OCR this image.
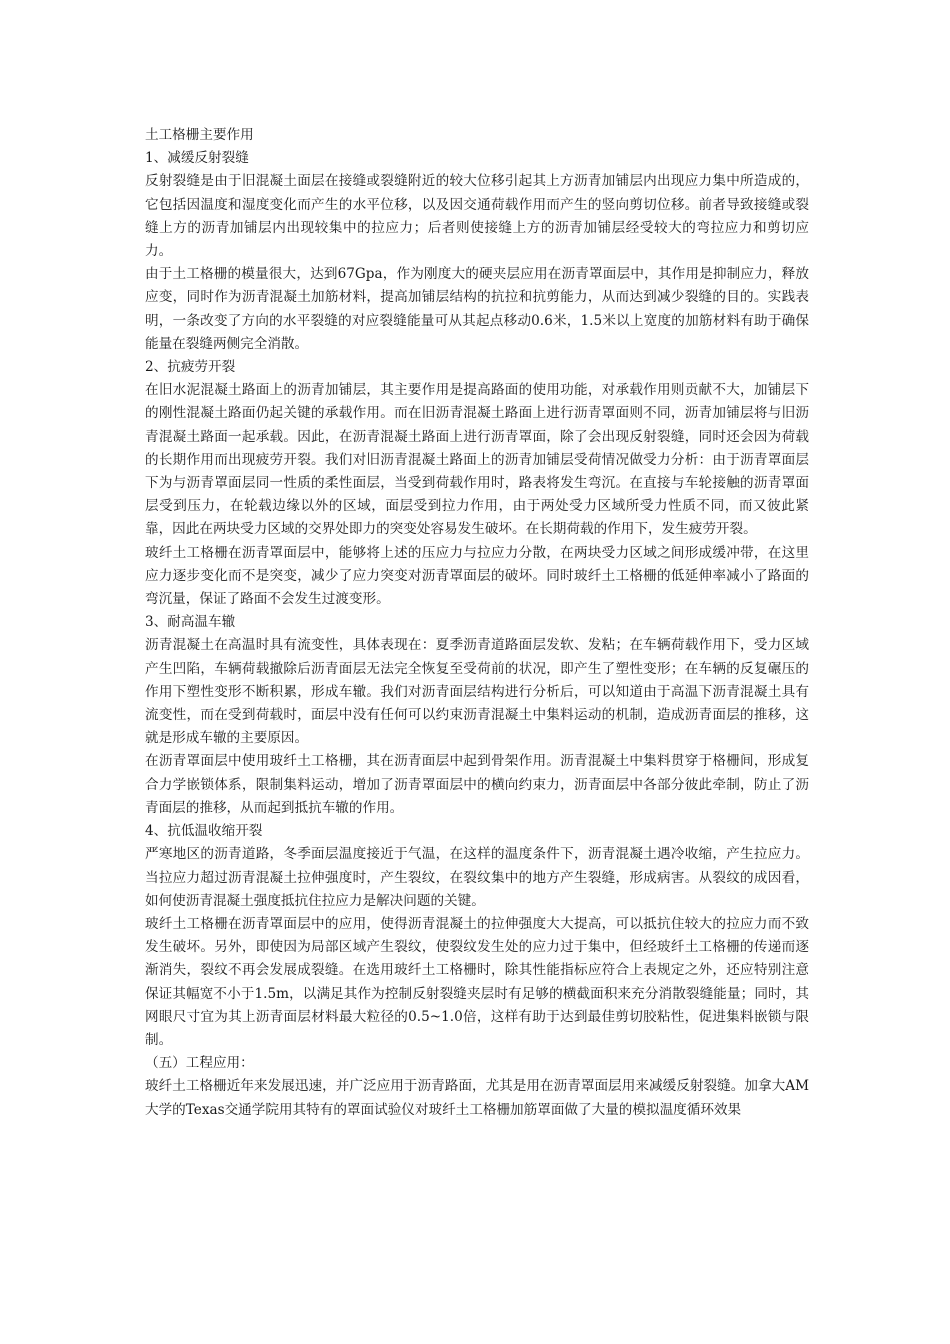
土工格栅主要作用

1、减缓反射裂缝

反射裂缝是由于旧混凝土面层在接缝或裂缝附近的较大位移引起其上方沥青加铺层内出现应力集中所造成的，它包括因温度和湿度变化而产生的水平位移，以及因交通荷载作用而产生的竖向剪切位移。前者导致接缝或裂缝上方的沥青加铺层内出现较集中的拉应力；后者则使接缝上方的沥青加铺层经受较大的弯拉应力和剪切应力。

由于土工格栅的模量很大，达到67Gpa，作为刚度大的硬夹层应用在沥青罩面层中，其作用是抑制应力，释放应变，同时作为沥青混凝土加筋材料，提高加铺层结构的抗拉和抗剪能力，从而达到减少裂缝的目的。实践表明，一条改变了方向的水平裂缝的对应裂缝能量可从其起点移动0.6米，1.5米以上宽度的加筋材料有助于确保能量在裂缝两侧完全消散。

2、抗疲劳开裂

在旧水泥混凝土路面上的沥青加铺层，其主要作用是提高路面的使用功能，对承载作用则贡献不大，加铺层下的刚性混凝土路面仍起关键的承载作用。而在旧沥青混凝土路面上进行沥青罩面则不同，沥青加铺层将与旧沥青混凝土路面一起承载。因此，在沥青混凝土路面上进行沥青罩面，除了会出现反射裂缝，同时还会因为荷载的长期作用而出现疲劳开裂。我们对旧沥青混凝土路面上的沥青加铺层受荷情况做受力分析：由于沥青罩面层下为与沥青罩面层同一性质的柔性面层，当受到荷载作用时，路表将发生弯沉。在直接与车轮接触的沥青罩面层受到压力，在轮载边缘以外的区域，面层受到拉力作用，由于两处受力区域所受力性质不同，而又彼此紧靠，因此在两块受力区域的交界处即力的突变处容易发生破坏。在长期荷载的作用下，发生疲劳开裂。

玻纤土工格栅在沥青罩面层中，能够将上述的压应力与拉应力分散，在两块受力区域之间形成缓冲带，在这里应力逐步变化而不是突变，减少了应力突变对沥青罩面层的破坏。同时玻纤土工格栅的低延伸率减小了路面的弯沉量，保证了路面不会发生过渡变形。

3、耐高温车辙

沥青混凝土在高温时具有流变性，具体表现在：夏季沥青道路面层发软、发粘；在车辆荷载作用下，受力区域产生凹陷，车辆荷载撤除后沥青面层无法完全恢复至受荷前的状况，即产生了塑性变形；在车辆的反复碾压的作用下塑性变形不断积累，形成车辙。我们对沥青面层结构进行分析后，可以知道由于高温下沥青混凝土具有流变性，而在受到荷载时，面层中没有任何可以约束沥青混凝土中集料运动的机制，造成沥青面层的推移，这就是形成车辙的主要原因。

在沥青罩面层中使用玻纤土工格栅，其在沥青面层中起到骨架作用。沥青混凝土中集料贯穿于格栅间，形成复合力学嵌锁体系，限制集料运动，增加了沥青罩面层中的横向约束力，沥青面层中各部分彼此牵制，防止了沥青面层的推移，从而起到抵抗车辙的作用。

4、抗低温收缩开裂

严寒地区的沥青道路，冬季面层温度接近于气温，在这样的温度条件下，沥青混凝土遇冷收缩，产生拉应力。当拉应力超过沥青混凝土拉伸强度时，产生裂纹，在裂纹集中的地方产生裂缝，形成病害。从裂纹的成因看，如何使沥青混凝土强度抵抗住拉应力是解决问题的关键。

玻纤土工格栅在沥青罩面层中的应用，使得沥青混凝土的拉伸强度大大提高，可以抵抗住较大的拉应力而不致发生破坏。另外，即使因为局部区域产生裂纹，使裂纹发生处的应力过于集中，但经玻纤土工格栅的传递而逐渐消失，裂纹不再会发展成裂缝。在选用玻纤土工格栅时，除其性能指标应符合上表规定之外，还应特别注意保证其幅宽不小于1.5m，以满足其作为控制反射裂缝夹层时有足够的横截面积来充分消散裂缝能量；同时，其网眼尺寸宜为其上沥青面层材料最大粒径的0.5~1.0倍，这样有助于达到最佳剪切胶粘性，促进集料嵌锁与限制。

（五）工程应用：

玻纤土工格栅近年来发展迅速，并广泛应用于沥青路面，尤其是用在沥青罩面层用来减缓反射裂缝。加拿大AM大学的Texas交通学院用其特有的罩面试验仪对玻纤土工格栅加筋罩面做了大量的模拟温度循环效果
